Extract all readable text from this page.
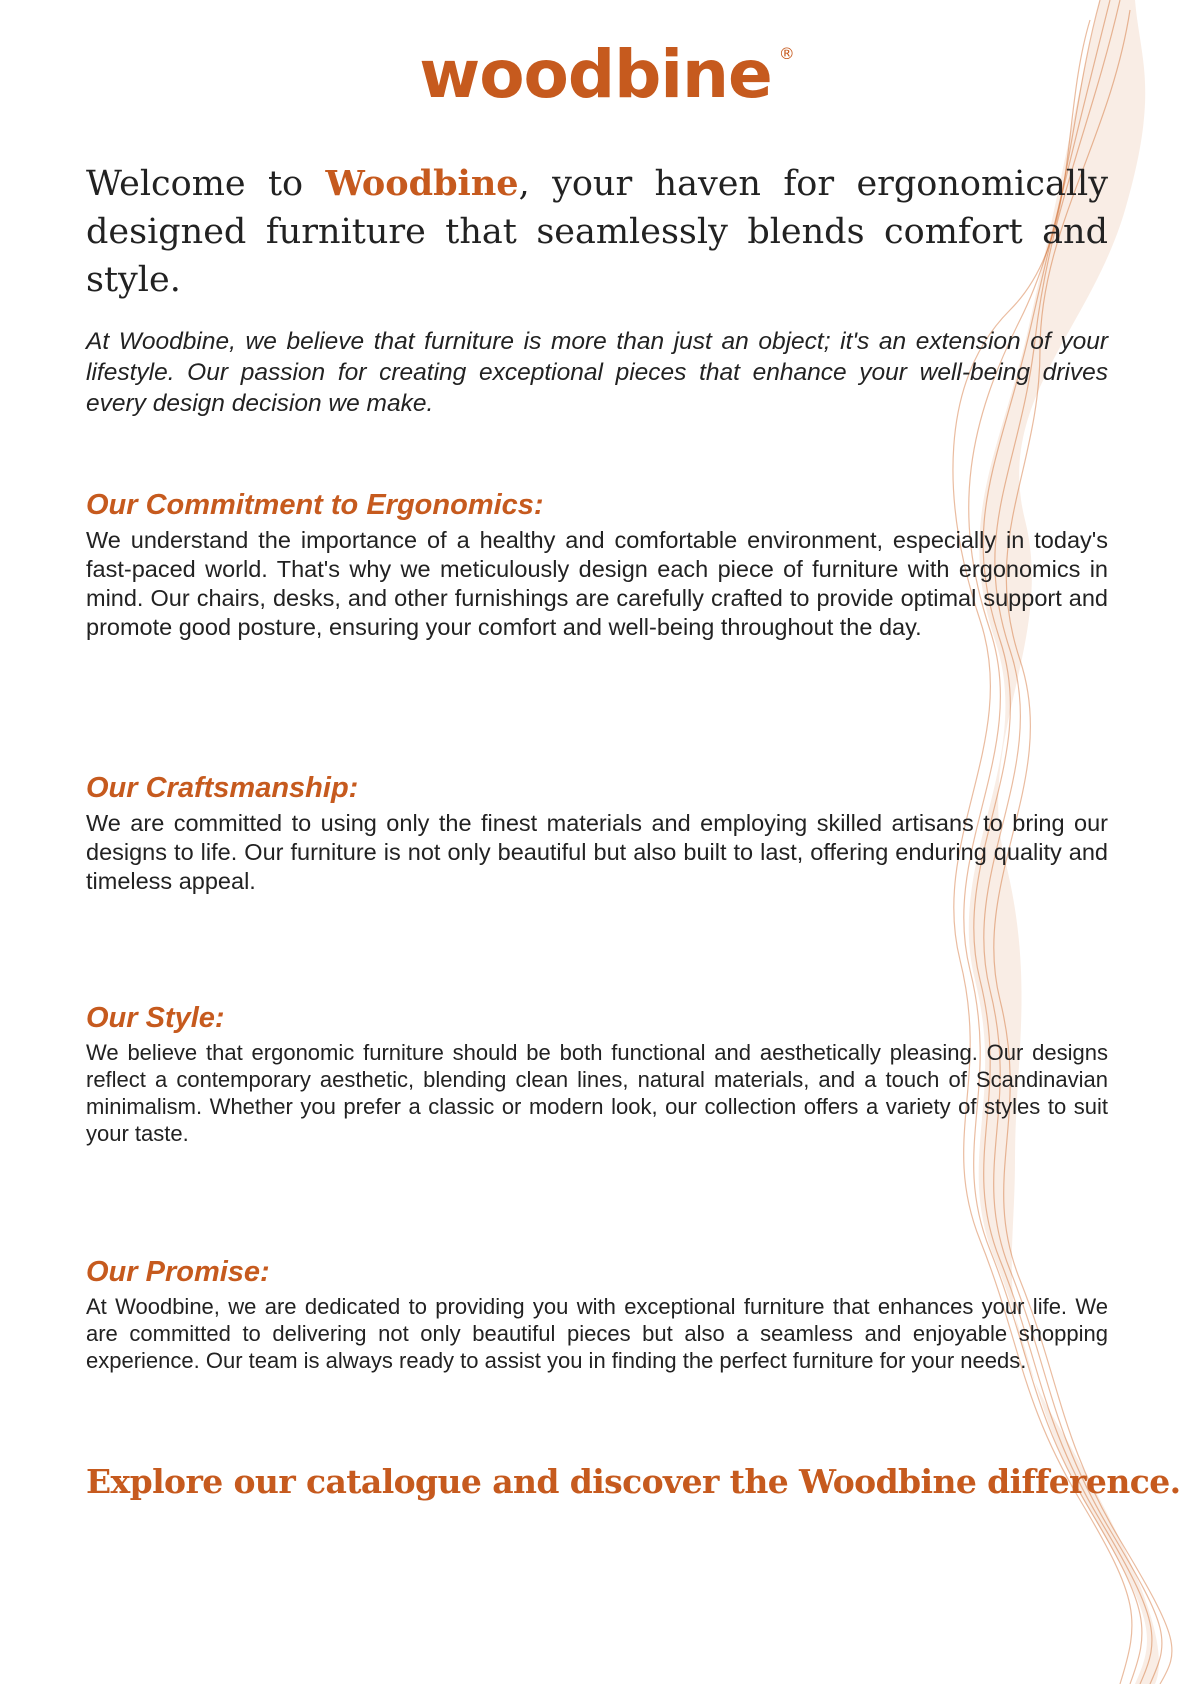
woodbine ®

Welcome to Woodbine, your haven for ergonomically designed furniture that seamlessly blends comfort and style.

At Woodbine, we believe that furniture is more than just an object; it's an extension of your lifestyle. Our passion for creating exceptional pieces that enhance your well-being drives every design decision we make.

Our Commitment to Ergonomics:

We understand the importance of a healthy and comfortable environment, especially in today's fast-paced world. That's why we meticulously design each piece of furniture with ergonomics in mind. Our chairs, desks, and other furnishings are carefully crafted to provide optimal support and promote good posture, ensuring your comfort and well-being throughout the day.

Our Craftsmanship:

We are committed to using only the finest materials and employing skilled artisans to bring our designs to life. Our furniture is not only beautiful but also built to last, offering enduring quality and timeless appeal.

Our Style:

We believe that ergonomic furniture should be both functional and aesthetically pleasing. Our designs reflect a contemporary aesthetic, blending clean lines, natural materials, and a touch of Scandinavian minimalism. Whether you prefer a classic or modern look, our collection offers a variety of styles to suit your taste.

Our Promise:

At Woodbine, we are dedicated to providing you with exceptional furniture that enhances your life. We are committed to delivering not only beautiful pieces but also a seamless and enjoyable shopping experience. Our team is always ready to assist you in finding the perfect furniture for your needs.

Explore our catalogue and discover the Woodbine difference.
